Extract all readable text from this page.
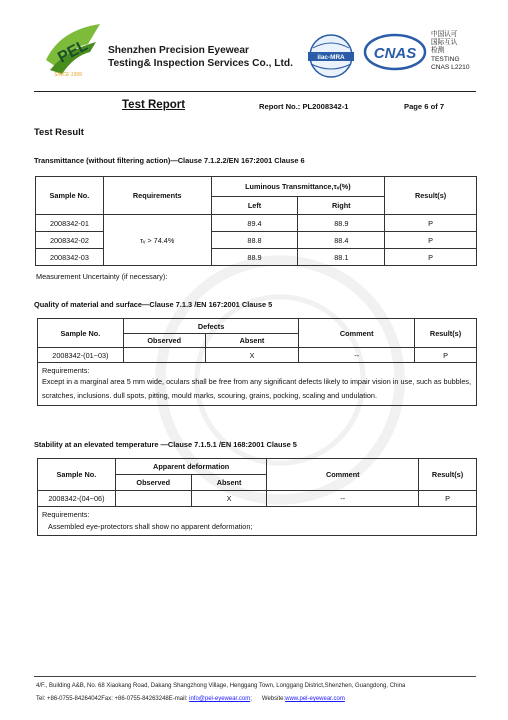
PEL
SINCE 1999
Shenzhen Precision Eyewear
Testing& Inspection Services Co., Ltd.
ilac-MRA CNAS
中国认可
国际互认
检测
TESTING
CNAS L2210
Test Report	Report No.: PL2008342-1	Page 6 of 7
Test Result
Transmittance (without filtering action)—Clause 7.1.2.2/EN 167:2001 Clause 6
Sample No.	Requirements	Luminous Transmittance,τᵥ(%)		Result(s)
		Left	Right	
2008342-01	τᵥ > 74.4%	89.4	88.9	P
2008342-02		88.8	88.4	P
2008342-03		88.9	88.1	P
Measurement Uncertainty (if necessary):
Quality of material and surface—Clause 7.1.3 /EN 167:2001 Clause 5
Sample No.	Defects		Comment	Result(s)
	Observed	Absent		
2008342-(01~03)		X	--	P

Requirements:
Except in a marginal area 5 mm wide, oculars shall be free from any significant defects likely to impair vision in use, such as bubbles, scratches, inclusions. dull spots, pitting, mould marks, scouring, grains, pocking, scaling and undulation.				
Stability at an elevated temperature —Clause 7.1.5.1 /EN 168:2001 Clause 5
Sample No.	Apparent deformation		Comment	Result(s)
	Observed	Absent		
2008342-(04~06)		X	--	P

Requirements:
Assembled eye-protectors shall show no apparent deformation;				
4/F., Building A&B, No. 68 Xiaokang Road, Dakang Shangzhong Village, Henggang Town, Longgang District,Shenzhen, Guangdong, China
Tel: +86-0755-84264042Fax: +86-0755-84263248E-mail: info@pel-eyewear.com;      Website:www.pel-eyewear.com
